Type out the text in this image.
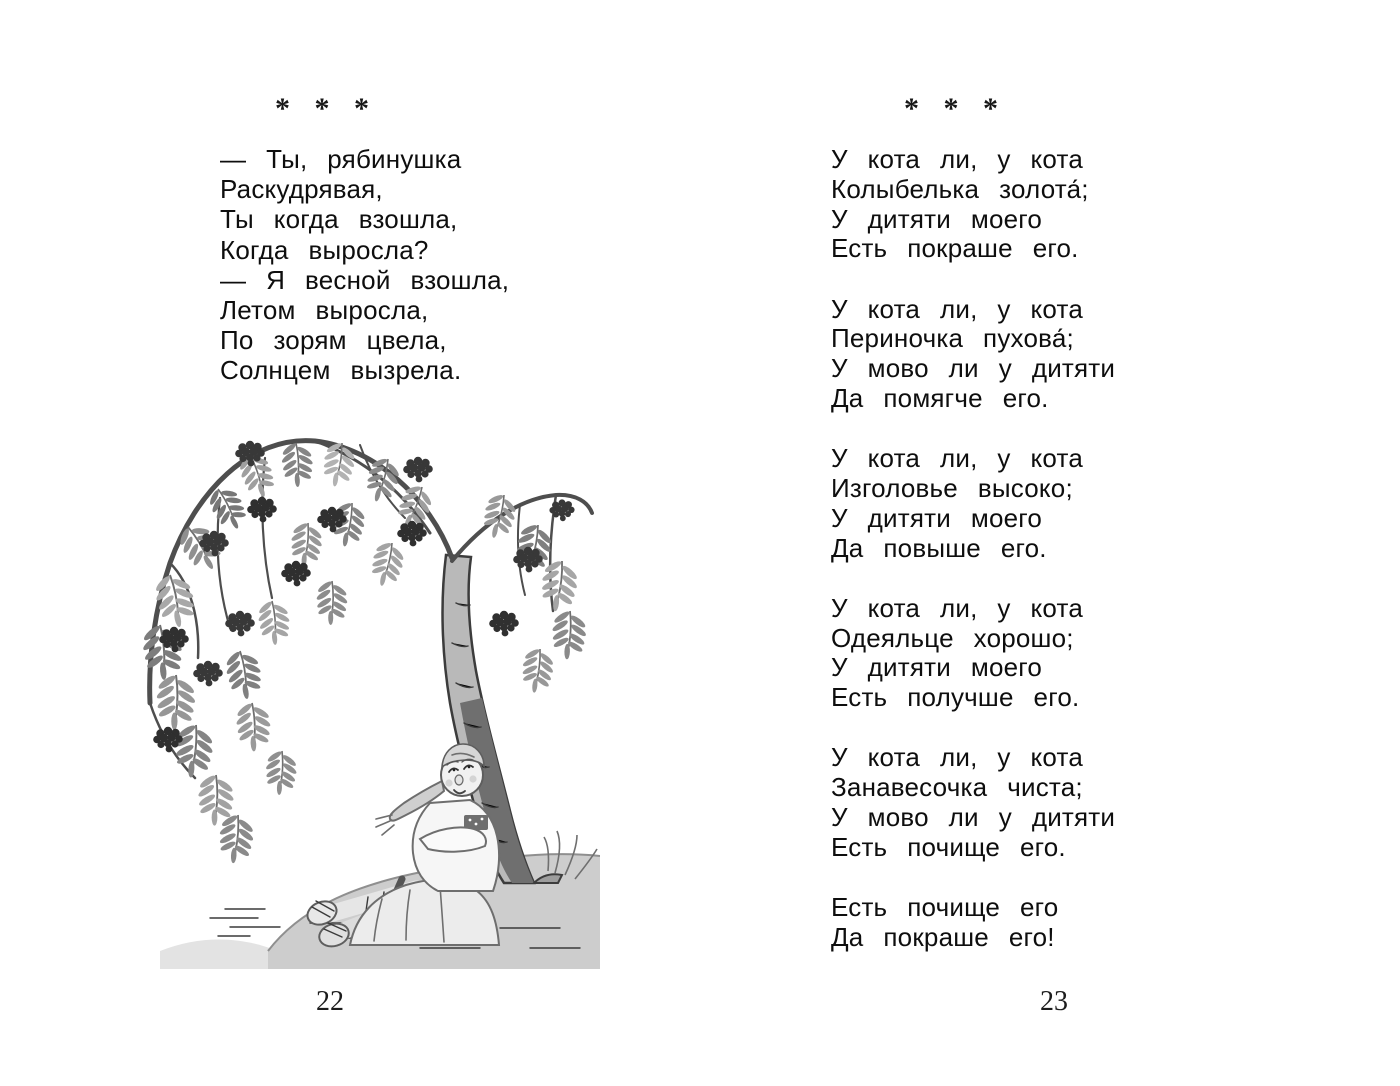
* * *
— Ты, рябинушка
Раскудрявая,
Ты когда взошла,
Когда выросла?
— Я весной взошла,
Летом выросла,
По зорям цвела,
Солнцем вызрела.
22
* * *
У кота ли, у кота
Колыбелька золота́;
У дитяти моего
Есть покраше его.
У кота ли, у кота
Периночка пухова́;
У мово ли у дитяти
Да помягче его.
У кота ли, у кота
Изголовье высоко;
У дитяти моего
Да повыше его.
У кота ли, у кота
Одеяльце хорошо;
У дитяти моего
Есть получше его.
У кота ли, у кота
Занавесочка чиста;
У мово ли у дитяти
Есть почище его.
Есть почище его
Да покраше его!
23
